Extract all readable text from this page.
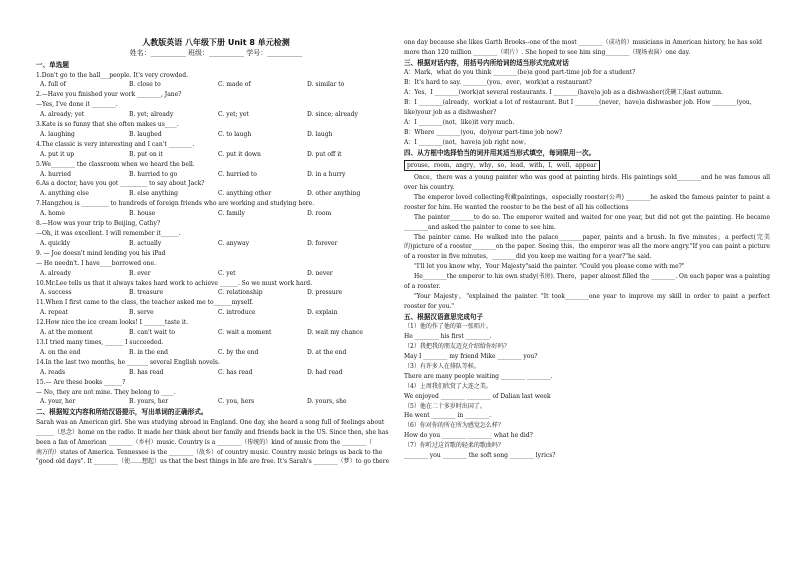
人教版英语 八年级下册 Unit 8 单元检测
姓名：__________ 班级：__________ 学号：__________
一、单选题
1.Don't go to the hall___people. It's very crowded.
A. full of	B. close to	C. made of	D. similar to
2.—Have you finished your work ________, Jane?
—Yes, I've done it ________.
A. already; yet	B. yet; already	C. yet; yet	D. since; already
3.Kate is so funny that she often makes us____.
A. laughing	B. laughed	C. to laugh	D. laugh
4.The classic is very interesting and I can't ________.
A. put it up	B. put on it	C. put it down	D. put off it
5.We________ the classroom when we heard the bell.
A. hurried	B. hurried to go	C. hurried to	D. in a hurry
6.As a doctor, have you got _________ to say about Jack?
A. anything else	B. else anything	C. anything other	D. other anything
7.Hangzhou is _________ to hundreds of foreign friends who are working and studying here.
A. home	B. house	C. family	D. room
8.—How was your trip to Beijing, Cathy?
—Oh, it was excellent. I will remember it______.
A. quickly	B. actually	C. anyway	D. forever
9. — Joe doesn't mind lending you his iPad
— He needn't. I have____borrowed one.
A. already	B. ever	C. yet	D. never
10.Mr.Lee tells us that it always takes hard work to achieve ______. So we must work hard.
A. success	B. treasure	C. relationship	D. pressure
11.When I first came to the class, the teacher asked me to______myself.
A. repeat	B. serve	C. introduce	D. explain
12.How nice the ice cream looks! I _______taste it.
A. at the moment	B. can't wait to	C. wait a moment	D. wait my chance
13.I tried many times, ______ I succeeded.
A. on the end	B. in the end	C. by the end	D. at the end
14.In the last two months, he _______ several English novels.
A. reads	B. has read	C. has read	D. had read
15.— Are these books ______?
— No, they are not mine. They belong to ____.
A. your, her	B. yours, her	C. you, hers	D. yours, she
二、根据短文内容和所给汉语提示，写出单词的正确形式。
Sarah was an American girl. She was studying abroad in England. One day, she heard a song full of feelings about
______（思念）home on the radio. It made her think about her family and friends back in the US. Since then, she has
been a fan of American ________（乡村）music. Country is a ________（传统的）kind of music from the ________（
南方的）states of America. Tennessee is the ________（故乡）of country music. Country music brings us back to the
"good old days". It ________（使……想起）us that the best things in life are free. It's Sarah's ________（梦）to go there
one day because she likes Garth Brooks--one of the most ________（成功的）musicians in American history, he has sold
more than 120 million ________（唱片）. She hoped to see him sing________（现场表演）one day.
三、根据对话内容，用括号内所给词的适当形式完成对话
A：Mark，what do you think ________(be)a good part-time job for a student?
B：It's hard to say. ________(you，ever，work)at a restaurant?
A：Yes，I ________(work)at several restaurants. I ________(have)a job as a dishwasher(洗碗工)last autumn.
B：I ________(already，work)at a lot of restaurant. But I ________(never，have)a dishwasher job. How ________(you，
like)your job as a dishwasher?
A：I ________(not，like)it very much.
B：Where ________(you，do)your part-time job now?
A：I ________(not，have)a job right now。
四、从方框中选择恰当的词并用其适当形式填空，每词限用一次。
prouse，room，angry，why，so，lead，with，I，well，appear

Once，there was a young painter who was good at painting birds. His paintings sold________and he was famous all over his country.

The emperor loved collecting收藏paintings，especially rooster(公鸡) ________he asked the famous painter to paint a rooster for him. He wanted the rooster to be the best of all his collections

The painter________to do so. The emperor waited and waited for one year, but did not get the painting. He became ________and asked the painter to come to see him.

The painter came. He walked into the palace________paper, paints and a brush. In five minutes，a perfect(完美的)picture of a rooster________on the paper. Seeing this，the emperor was all the more angry."If you can paint a picture of a rooster in five minutes，________did you keep me waiting for a year?"he said.

"I'll let you know why，Your Majesty"said the painter. "Could you please come with me?"

He________the emperor to his own study(书房). There，paper almost filled the ________. On each paper was a painting of a rooster.

"Your Majesty，"explained the painter. "It took________one year to improve my skill in order to paint a perfect rooster for you."

五、根据汉语意思完成句子
（1）他的作了他的第一张唱片。
He ________ his first ________.
（2）我把我的朋友迈克介绍给你好吗？
May I ________ my friend Mike ________ you?
（3）有许多人在排队等候。
There are many people waiting ________ ________.
（4）上周我们欣赏了大连之美。
We enjoyed ________ ________ of Dalian last week
（5）他在二十多岁时出国了。
He went ________ in ________.
（6）你对你的所在所为感觉怎么样？
How do you ________ ________ what he did?
（7）你听过这首歌的轻柔的歌曲吗？
________ you ________ the soft song ________ lyrics?
